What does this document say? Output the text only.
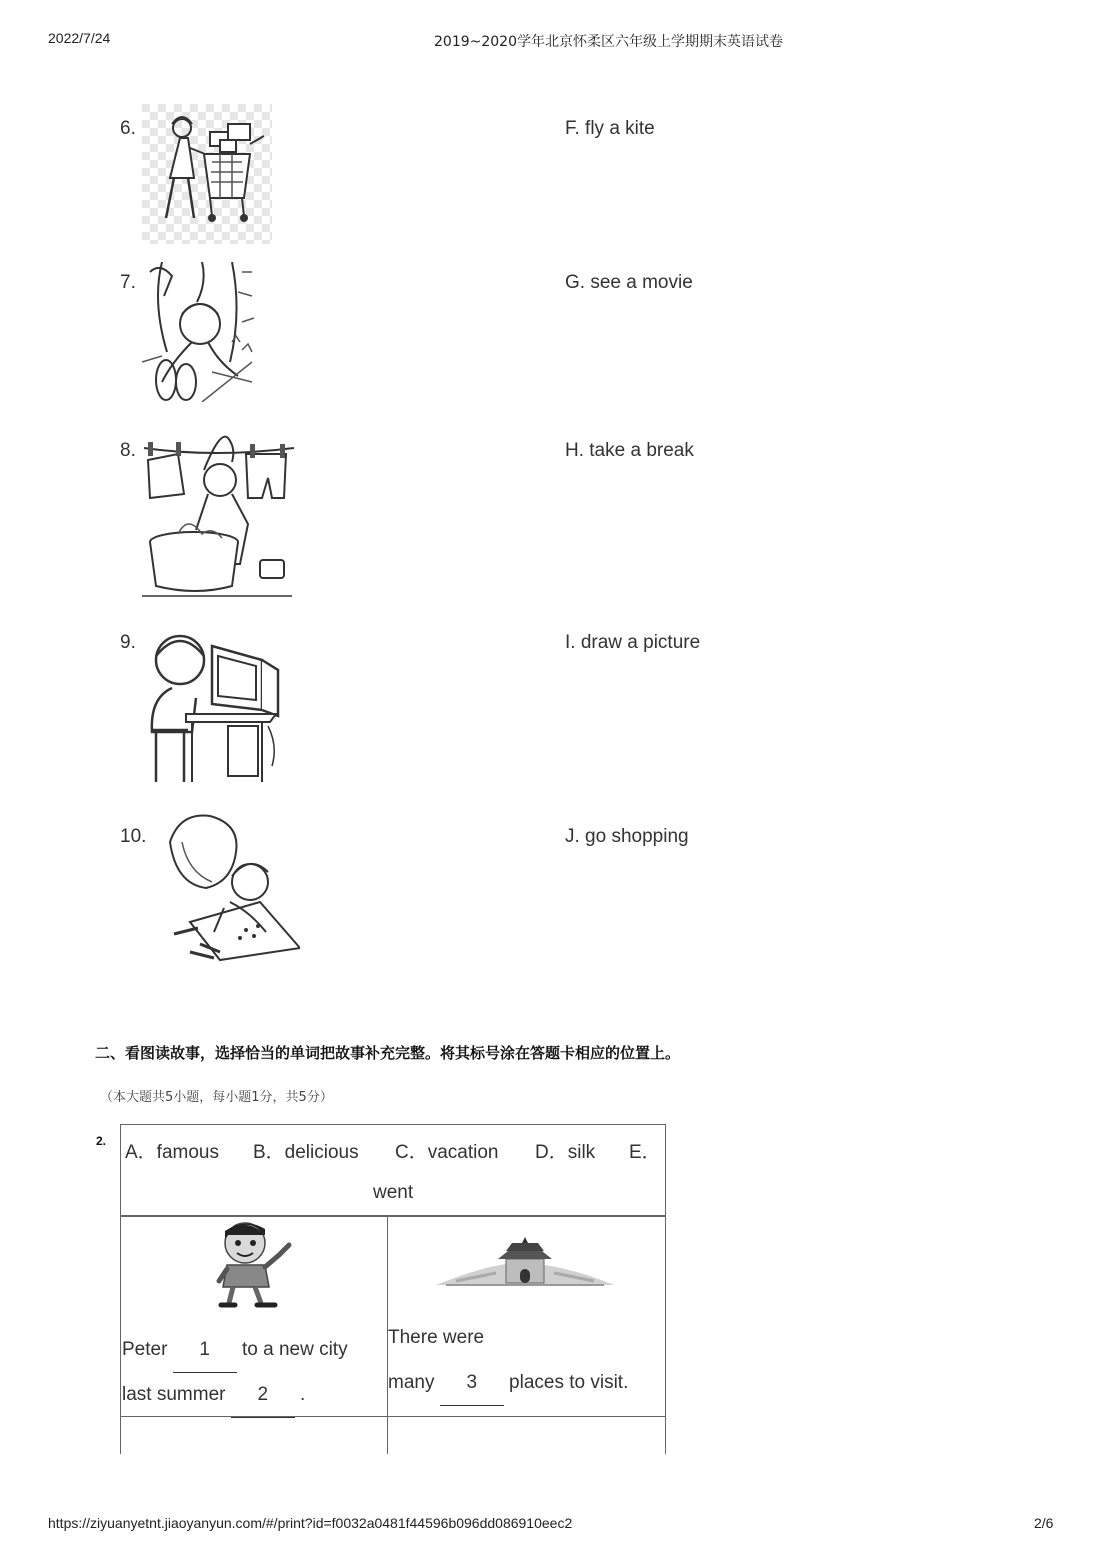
2022/7/24	2019~2020学年北京怀柔区六年级上学期期末英语试卷
6.	F. fly a kite
7.	G. see a movie
8.	H. take a break
9.	I. draw a picture
10.	J. go shopping
二、看图读故事，选择恰当的单词把故事补充完整。将其标号涂在答题卡相应的位置上。
（本大题共5小题，每小题1分，共5分）
2.
A．famous B．delicious C．vacation D．silk E．
went
Peter 1 to a new city
last summer 2 .
There were
many 3 places to visit.
https://ziyuanyetnt.jiaoyanyun.com/#/print?id=f0032a0481f44596b096dd086910eec2	2/6
